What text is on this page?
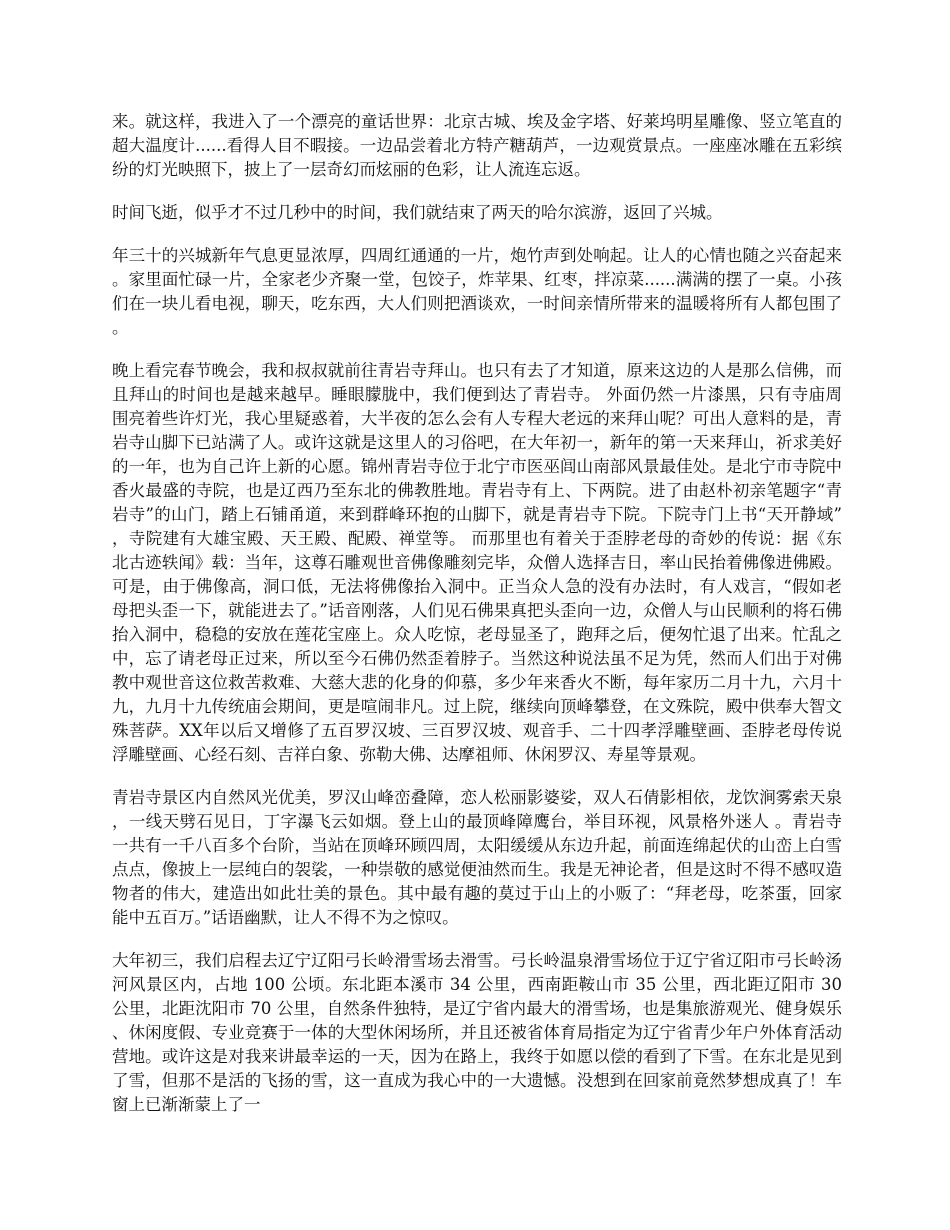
来。就这样，我进入了一个漂亮的童话世界：北京古城、埃及金字塔、好莱坞明星雕像、竖立笔直的超大温度计......看得人目不暇接。一边品尝着北方特产糖葫芦，一边观赏景点。一座座冰雕在五彩缤纷的灯光映照下，披上了一层奇幻而炫丽的色彩，让人流连忘返。

时间飞逝，似乎才不过几秒中的时间，我们就结束了两天的哈尔滨游，返回了兴城。

年三十的兴城新年气息更显浓厚，四周红通通的一片，炮竹声到处响起。让人的心情也随之兴奋起来。家里面忙碌一片，全家老少齐聚一堂，包饺子，炸苹果、红枣，拌凉菜......满满的摆了一桌。小孩们在一块儿看电视，聊天，吃东西，大人们则把酒谈欢，一时间亲情所带来的温暖将所有人都包围了。

晚上看完春节晚会，我和叔叔就前往青岩寺拜山。也只有去了才知道，原来这边的人是那么信佛，而且拜山的时间也是越来越早。睡眼朦胧中，我们便到达了青岩寺。 外面仍然一片漆黑，只有寺庙周围亮着些许灯光，我心里疑惑着，大半夜的怎么会有人专程大老远的来拜山呢？可出人意料的是，青岩寺山脚下已站满了人。或许这就是这里人的习俗吧，在大年初一，新年的第一天来拜山，祈求美好的一年，也为自己许上新的心愿。锦州青岩寺位于北宁市医巫闾山南部风景最佳处。是北宁市寺院中香火最盛的寺院，也是辽西乃至东北的佛教胜地。青岩寺有上、下两院。进了由赵朴初亲笔题字“青岩寺”的山门，踏上石铺甬道，来到群峰环抱的山脚下，就是青岩寺下院。下院寺门上书“天开静域”，寺院建有大雄宝殿、天王殿、配殿、禅堂等。 而那里也有着关于歪脖老母的奇妙的传说：据《东北古迹轶闻》载：当年，这尊石雕观世音佛像雕刻完毕，众僧人选择吉日，率山民抬着佛像进佛殿。可是，由于佛像高，洞口低，无法将佛像抬入洞中。正当众人急的没有办法时，有人戏言，“假如老母把头歪一下，就能进去了。”话音刚落，人们见石佛果真把头歪向一边，众僧人与山民顺利的将石佛抬入洞中，稳稳的安放在莲花宝座上。众人吃惊，老母显圣了，跑拜之后，便匆忙退了出来。忙乱之中，忘了请老母正过来，所以至今石佛仍然歪着脖子。当然这种说法虽不足为凭，然而人们出于对佛教中观世音这位救苦救难、大慈大悲的化身的仰慕，多少年来香火不断，每年家历二月十九，六月十九，九月十九传统庙会期间，更是喧闹非凡。过上院，继续向顶峰攀登，在文殊院，殿中供奉大智文殊菩萨。XX年以后又增修了五百罗汉坡、三百罗汉坡、观音手、二十四孝浮雕壁画、歪脖老母传说浮雕壁画、心经石刻、吉祥白象、弥勒大佛、达摩祖师、休闲罗汉、寿星等景观。

青岩寺景区内自然风光优美，罗汉山峰峦叠障，恋人松丽影婆娑，双人石倩影相依，龙饮涧雾索天泉，一线天劈石见日，丁字瀑飞云如烟。登上山的最顶峰障鹰台，举目环视，风景格外迷人 。青岩寺一共有一千八百多个台阶，当站在顶峰环顾四周，太阳缓缓从东边升起，前面连绵起伏的山峦上白雪点点，像披上一层纯白的袈裟，一种崇敬的感觉便油然而生。我是无神论者，但是这时不得不感叹造物者的伟大，建造出如此壮美的景色。其中最有趣的莫过于山上的小贩了：“拜老母，吃茶蛋，回家能中五百万。”话语幽默，让人不得不为之惊叹。

大年初三，我们启程去辽宁辽阳弓长岭滑雪场去滑雪。弓长岭温泉滑雪场位于辽宁省辽阳市弓长岭汤河风景区内，占地 100 公顷。东北距本溪市 34 公里，西南距鞍山市 35 公里，西北距辽阳市 30 公里，北距沈阳市 70 公里，自然条件独特，是辽宁省内最大的滑雪场，也是集旅游观光、健身娱乐、休闲度假、专业竞赛于一体的大型休闲场所，并且还被省体育局指定为辽宁省青少年户外体育活动营地。或许这是对我来讲最幸运的一天，因为在路上，我终于如愿以偿的看到了下雪。在东北是见到了雪，但那不是活的飞扬的雪，这一直成为我心中的一大遗憾。没想到在回家前竟然梦想成真了！车窗上已渐渐蒙上了一
